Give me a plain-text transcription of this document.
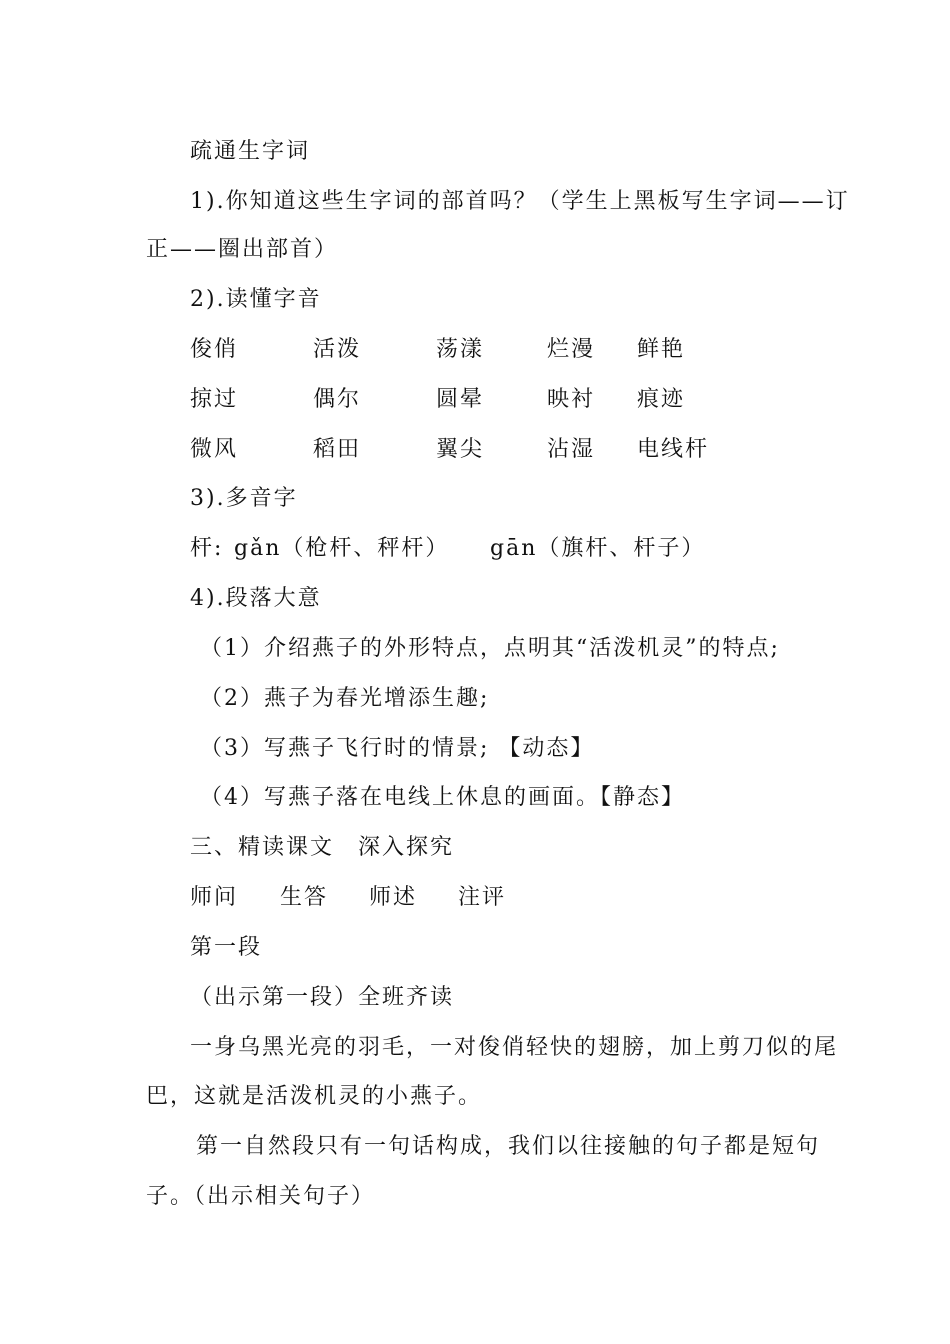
疏通生字词
1).你知道这些生字词的部首吗？（学生上黑板写生字词——订
正——圈出部首）
2).读懂字音
俊俏	活泼	荡漾	烂漫 鲜艳
掠过	偶尔	圆晕	映衬 痕迹
微风	稻田	翼尖	沾湿 电线杆
3).多音字
杆: gǎn（枪杆、秤杆） gān（旗杆、杆子）
4).段落大意
（1）介绍燕子的外形特点，点明其“活泼机灵”的特点;
（2）燕子为春光增添生趣;
（3）写燕子飞行时的情景; 【动态】
（4）写燕子落在电线上休息的画面。【静态】
三、精读课文　深入探究
师问 生答 师述 注评
第一段
（出示第一段）全班齐读
一身乌黑光亮的羽毛，一对俊俏轻快的翅膀，加上剪刀似的尾
巴，这就是活泼机灵的小燕子。
第一自然段只有一句话构成，我们以往接触的句子都是短句
子。（出示相关句子）
